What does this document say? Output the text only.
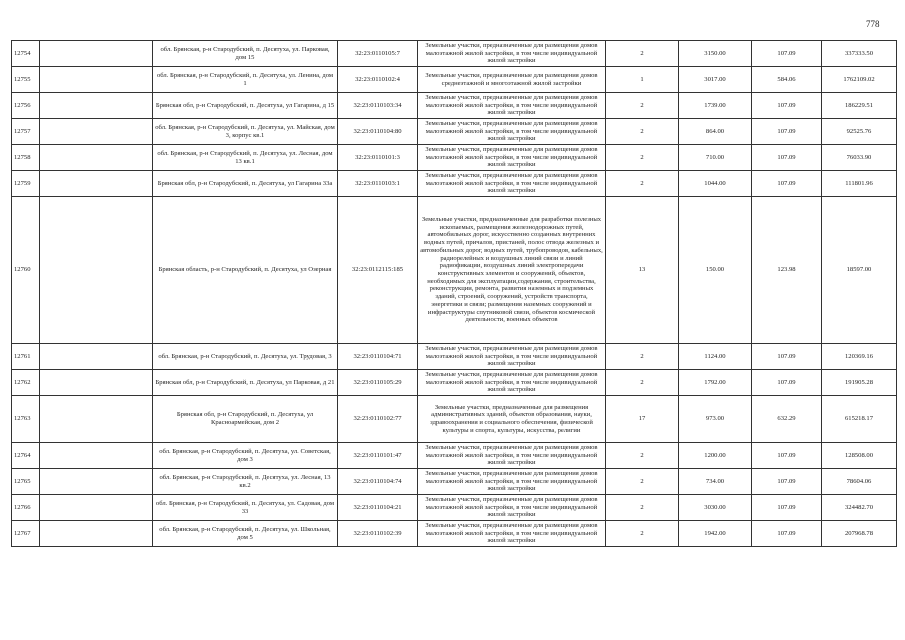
778
12754		обл. Брянская, р-н Стародубский, п. Десятуха, ул. Парковая, дом 15	32:23:0110105:7	Земельные участки, предназначенные для размещения домов малоэтажной жилой застройки, в том числе индивидуальной жилой застройки	2	3150.00	107.09	337333.50
12755		обл. Брянская, р-н Стародубский, п. Десятуха, ул. Ленина, дом 1	32:23:0110102:4	Земельные участки, предназначенные для размещения домов среднеэтажной и многоэтажной жилой застройки	1	3017.00	584.06	1762109.02
12756		Брянская обл, р-н Стародубский, п. Десятуха, ул Гагарина, д 15	32:23:0110103:34	Земельные участки, предназначенные для размещения домов малоэтажной жилой застройки, в том числе индивидуальной жилой застройки	2	1739.00	107.09	186229.51
12757		обл. Брянская, р-н Стародубский, п. Десятуха, ул. Майская, дом 3, корпус кв.1	32:23:0110104:80	Земельные участки, предназначенные для размещения домов малоэтажной жилой застройки, в том числе индивидуальной жилой застройки	2	864.00	107.09	92525.76
12758		обл. Брянская, р-н Стародубский, п. Десятуха, ул. Лесная, дом 13 кв.1	32:23:0110101:3	Земельные участки, предназначенные для размещения домов малоэтажной жилой застройки, в том числе индивидуальной жилой застройки	2	710.00	107.09	76033.90
12759		Брянская обл, р-н Стародубский, п. Десятуха, ул Гагарина 33а	32:23:0110103:1	Земельные участки, предназначенные для размещения домов малоэтажной жилой застройки, в том числе индивидуальной жилой застройки	2	1044.00	107.09	111801.96
12760		Брянская область, р-н Стародубский, п. Десятуха, ул Озерная	32:23:0112115:185	Земельные участки, предназначенные для разработки полезных ископаемых, размещения железнодорожных путей, автомобильных дорог, искусственно созданных внутренних водных путей, причалов, пристаней, полос отвода железных и автомобильных дорог, водных путей, трубопроводов, кабельных, радиорелейных и воздушных линий связи и линий радиофикации, воздушных линий электропередачи конструктивных элементов и сооружений, объектов, необходимых для эксплуатации,содержания, строительства, реконструкции, ремонта, развития наземных и подземных зданий, строений, сооружений, устройств транспорта, энергетики и связи; размещения наземных сооружений и инфраструктуры спутниковой связи, объектов космической деятельности, военных объектов	13	150.00	123.98	18597.00
12761		обл. Брянская, р-н Стародубский, п. Десятуха, ул. Трудовая, 3	32:23:0110104:71	Земельные участки, предназначенные для размещения домов малоэтажной жилой застройки, в том числе индивидуальной жилой застройки	2	1124.00	107.09	120369.16
12762		Брянская обл, р-н Стародубский, п. Десятуха, ул Парковая, д 21	32:23:0110105:29	Земельные участки, предназначенные для размещения домов малоэтажной жилой застройки, в том числе индивидуальной жилой застройки	2	1792.00	107.09	191905.28
12763		Брянская обл, р-н Стародубский, п. Десятуха, ул Красноармейская, дом 2	32:23:0110102:77	Земельные участки, предназначенные для размещения административных зданий, объектов образования, науки, здравоохранения и социального обеспечения, физической культуры и спорта, культуры, искусства, религии	17	973.00	632.29	615218.17
12764		обл. Брянская, р-н Стародубский, п. Десятуха, ул. Советская, дом 3	32:23:0110101:47	Земельные участки, предназначенные для размещения домов малоэтажной жилой застройки, в том числе индивидуальной жилой застройки	2	1200.00	107.09	128508.00
12765		обл. Брянская, р-н Стародубский, п. Десятуха, ул. Лесная, 13 кв.2	32:23:0110104:74	Земельные участки, предназначенные для размещения домов малоэтажной жилой застройки, в том числе индивидуальной жилой застройки	2	734.00	107.09	78604.06
12766		обл. Брянская, р-н Стародубский, п. Десятуха, ул. Садовая, дом 33	32:23:0110104:21	Земельные участки, предназначенные для размещения домов малоэтажной жилой застройки, в том числе индивидуальной жилой застройки	2	3030.00	107.09	324482.70
12767		обл. Брянская, р-н Стародубский, п. Десятуха, ул. Школьная, дом 5	32:23:0110102:39	Земельные участки, предназначенные для размещения домов малоэтажной жилой застройки, в том числе индивидуальной жилой застройки	2	1942.00	107.09	207968.78
